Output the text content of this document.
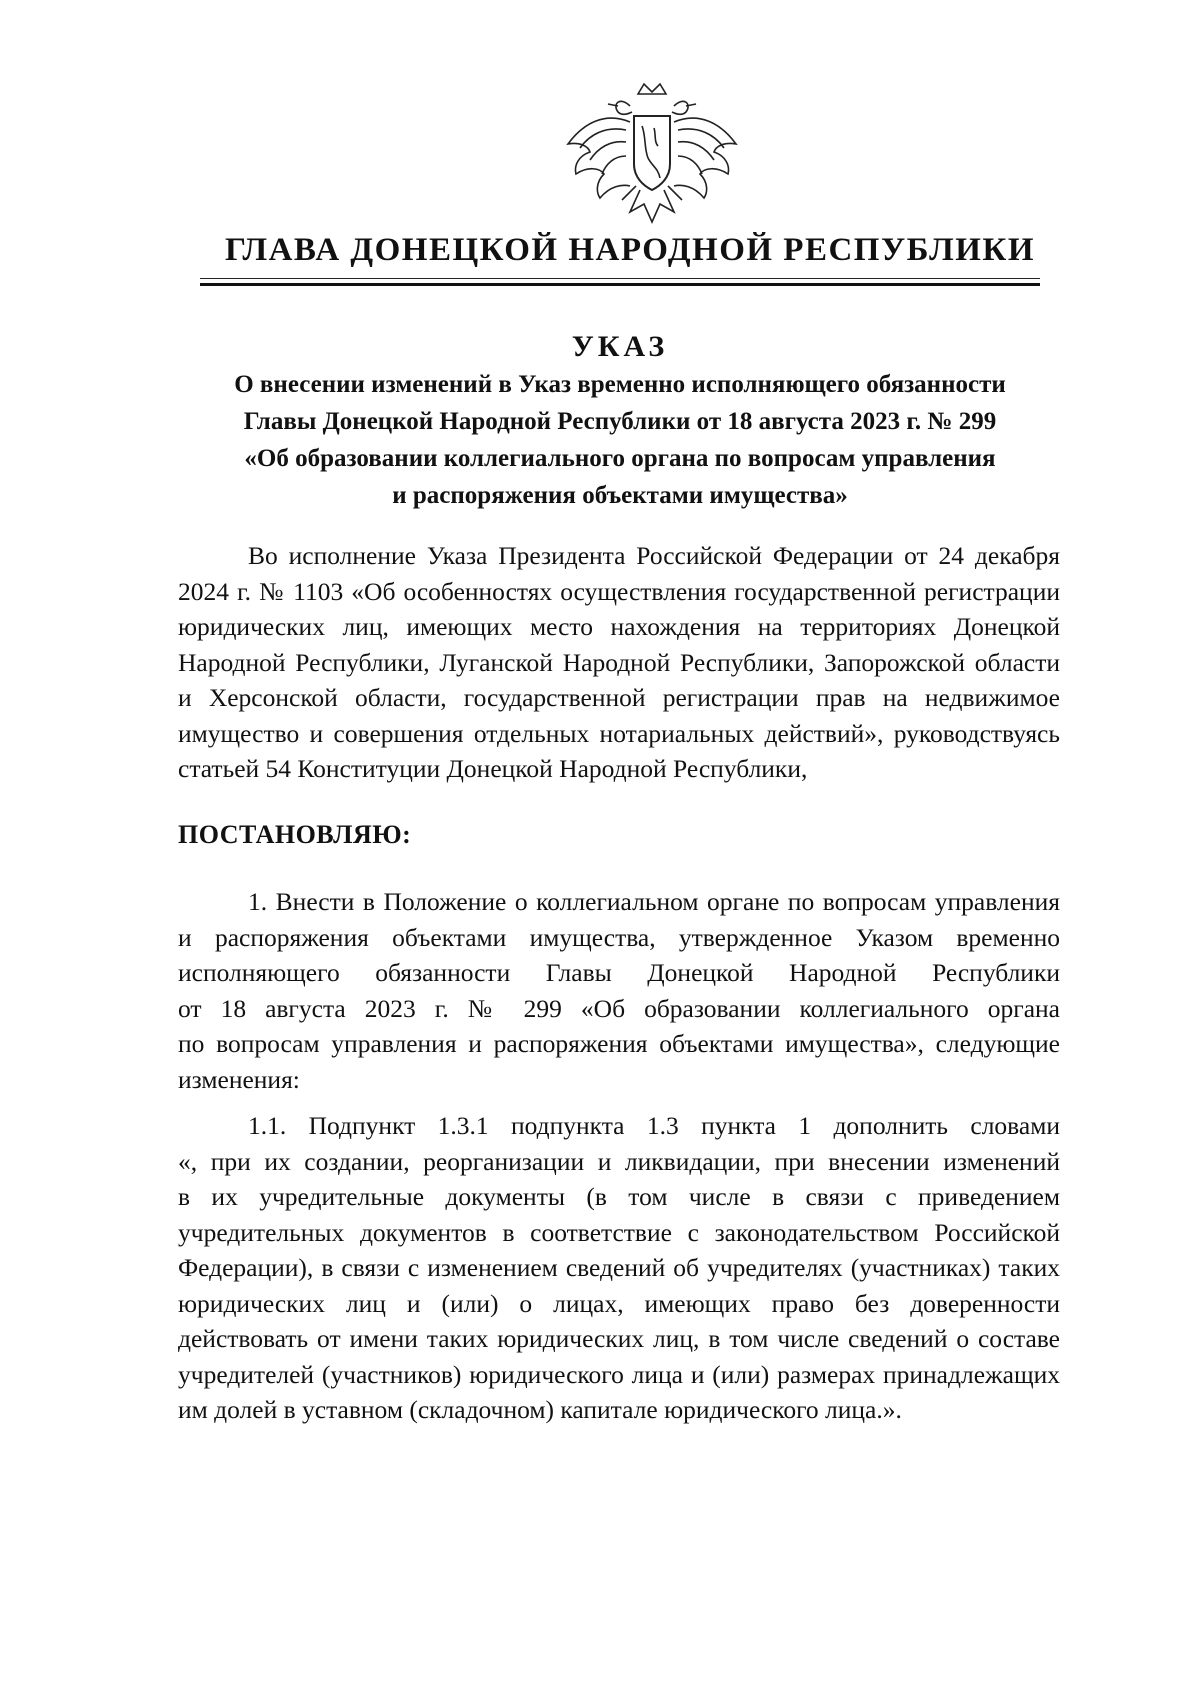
ГЛАВА ДОНЕЦКОЙ НАРОДНОЙ РЕСПУБЛИКИ
УКАЗ
О внесении изменений в Указ временно исполняющего обязанности
Главы Донецкой Народной Республики от 18 августа 2023 г. № 299
«Об образовании коллегиального органа по вопросам управления
и распоряжения объектами имущества»
Во исполнение Указа Президента Российской Федерации от 24 декабря
2024 г. № 1103 «Об особенностях осуществления государственной регистрации
юридических лиц, имеющих место нахождения на территориях Донецкой
Народной Республики, Луганской Народной Республики, Запорожской области
и Херсонской области, государственной регистрации прав на недвижимое
имущество и совершения отдельных нотариальных действий», руководствуясь
статьей 54 Конституции Донецкой Народной Республики,

ПОСТАНОВЛЯЮ:

1. Внести в Положение о коллегиальном органе по вопросам управления
и распоряжения объектами имущества, утвержденное Указом временно
исполняющего обязанности Главы Донецкой Народной Республики
от 18 августа 2023 г. № 299 «Об образовании коллегиального органа
по вопросам управления и распоряжения объектами имущества», следующие
изменения:
1.1. Подпункт 1.3.1 подпункта 1.3 пункта 1 дополнить словами
«, при их создании, реорганизации и ликвидации, при внесении изменений
в их учредительные документы (в том числе в связи с приведением
учредительных документов в соответствие с законодательством Российской
Федерации), в связи с изменением сведений об учредителях (участниках) таких
юридических лиц и (или) о лицах, имеющих право без доверенности
действовать от имени таких юридических лиц, в том числе сведений о составе
учредителей (участников) юридического лица и (или) размерах принадлежащих
им долей в уставном (складочном) капитале юридического лица.».
